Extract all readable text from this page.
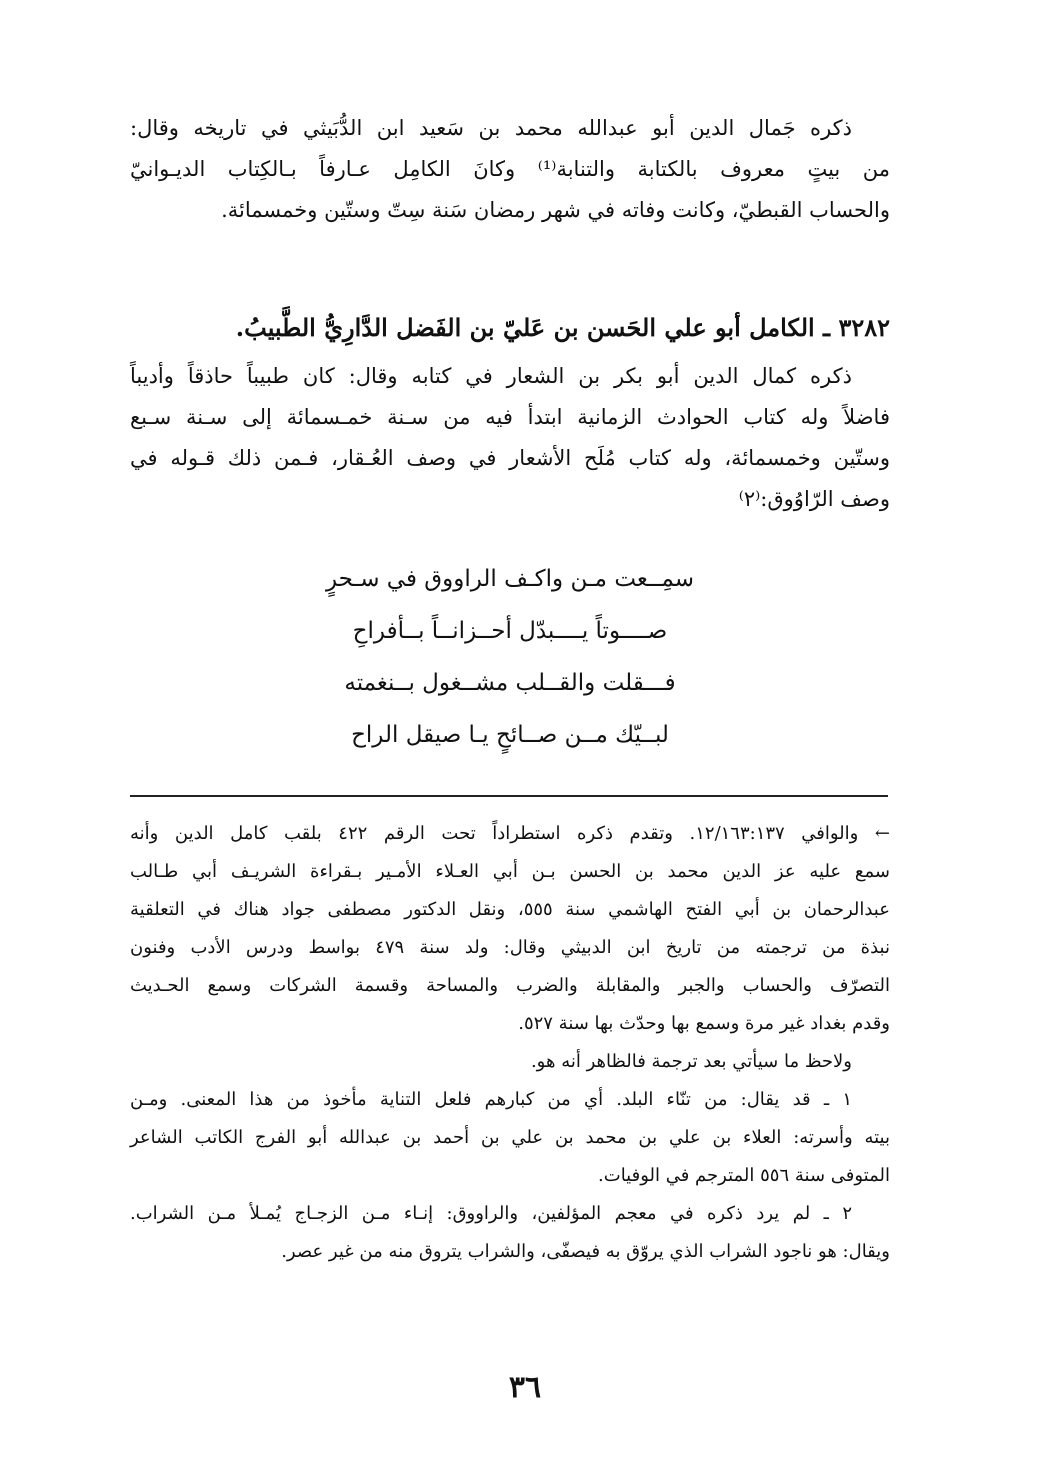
ذكره جَمال الدين أبو عبدالله محمد بن سَعيد ابن الدُّبَيثي في تاريخه وقال:
من بيتٍ معروف بالكتابة والتنابة⁽¹⁾ وكانَ الكامِل عـارفاً بـالكِتاب الديـوانيّ
والحساب القبطيّ، وكانت وفاته في شهر رمضان سَنة سِتّ وستّين وخمسمائة.
٣٢٨٢ ـ الكامل أبو علي الحَسن بن عَليّ بن الفَضل الدَّارِيُّ الطَّبيبُ.
ذكره كمال الدين أبو بكر بن الشعار في كتابه وقال: كان طبيباً حاذقاً وأديباً
فاضلاً وله كتاب الحوادث الزمانية ابتدأ فيه من سـنة خمـسمائة إلى سـنة سـبع
وستّين وخمسمائة، وله كتاب مُلَح الأشعار في وصف العُـقار، فـمن ذلك قـوله في
وصف الرّاوُوق:⁽٢⁾
سمِــعت مـن واكـف الراووق في سـحرٍ
صــــوتاً يــــبدّل أحــزانــاً بــأفراحِ
فـــقلت والقــلب مشــغول بــنغمته
لبــيّك مــن صــائحٍ يـا صيقل الراح
← والوافي ١٢/١٦٣:١٣٧. وتقدم ذكره استطراداً تحت الرقم ٤٢٢ بلقب كامل الدين وأنه
سمع عليه عز الدين محمد بن الحسن بـن أبي العـلاء الأمـير بـقراءة الشريـف أبي طـالب
عبدالرحمان بن أبي الفتح الهاشمي سنة ٥٥٥، ونقل الدكتور مصطفى جواد هناك في التعلقية
نبذة من ترجمته من تاريخ ابن الدبيثي وقال: ولد سنة ٤٧٩ بواسط ودرس الأدب وفنون
التصرّف والحساب والجبر والمقابلة والضرب والمساحة وقسمة الشركات وسمع الحـديث
وقدم بغداد غير مرة وسمع بها وحدّث بها سنة ٥٢٧.
ولاحظ ما سيأتي بعد ترجمة فالظاهر أنه هو.
١ ـ قد يقال: من تنّاء البلد. أي من كبارهم فلعل التناية مأخوذ من هذا المعنى. ومـن
بيته وأسرته: العلاء بن علي بن محمد بن علي بن أحمد بن عبدالله أبو الفرج الكاتب الشاعر
المتوفى سنة ٥٥٦ المترجم في الوفيات.
٢ ـ لم يرد ذكره في معجم المؤلفين، والراووق: إنـاء مـن الزجـاج يُمـلأ مـن الشراب.
ويقال: هو ناجود الشراب الذي يروّق به فيصفّى، والشراب يتروق منه من غير عصر.
٣٦
